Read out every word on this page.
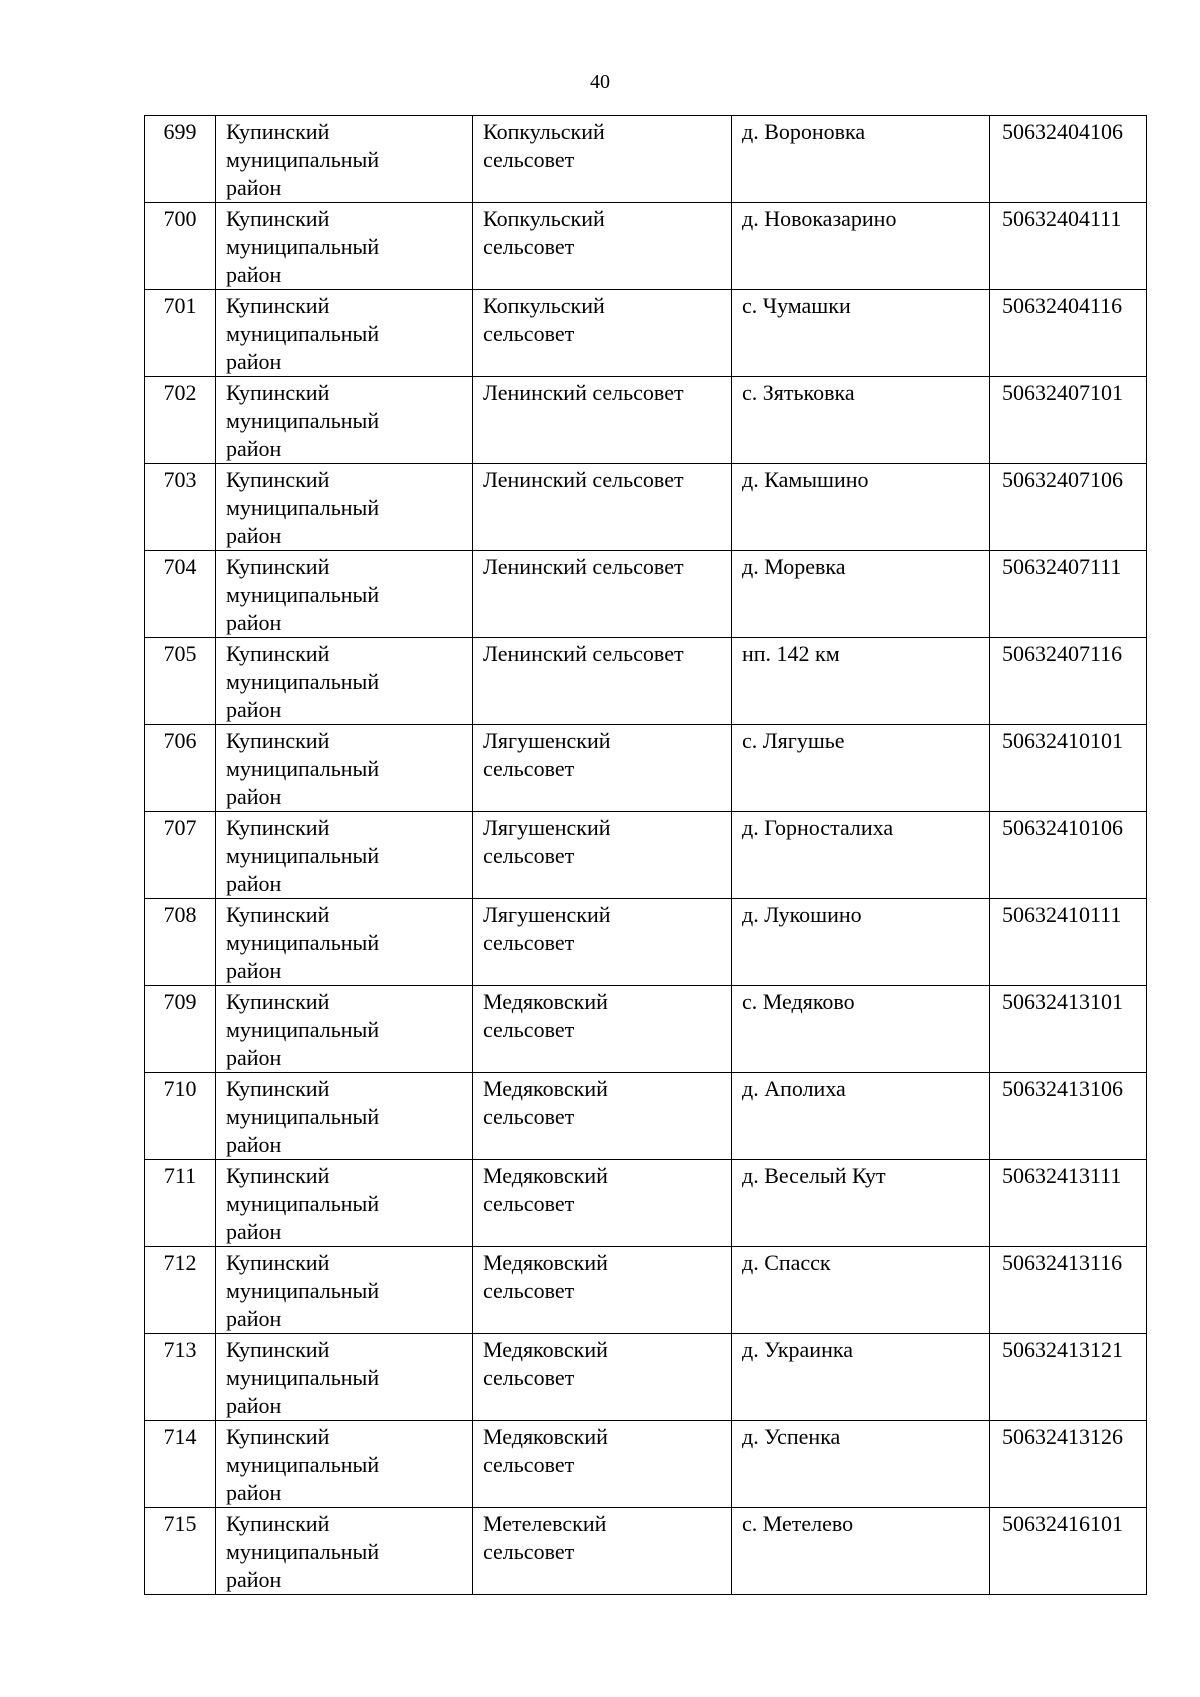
40
699	Купинский
муниципальный
район	Копкульский
сельсовет	д. Вороновка	50632404106
700	Купинский
муниципальный
район	Копкульский
сельсовет	д. Новоказарино	50632404111
701	Купинский
муниципальный
район	Копкульский
сельсовет	с. Чумашки	50632404116
702	Купинский
муниципальный
район	Ленинский сельсовет	с. Зятьковка	50632407101
703	Купинский
муниципальный
район	Ленинский сельсовет	д. Камышино	50632407106
704	Купинский
муниципальный
район	Ленинский сельсовет	д. Моревка	50632407111
705	Купинский
муниципальный
район	Ленинский сельсовет	нп. 142 км	50632407116
706	Купинский
муниципальный
район	Лягушенский
сельсовет	с. Лягушье	50632410101
707	Купинский
муниципальный
район	Лягушенский
сельсовет	д. Горносталиха	50632410106
708	Купинский
муниципальный
район	Лягушенский
сельсовет	д. Лукошино	50632410111
709	Купинский
муниципальный
район	Медяковский
сельсовет	с. Медяково	50632413101
710	Купинский
муниципальный
район	Медяковский
сельсовет	д. Аполиха	50632413106
711	Купинский
муниципальный
район	Медяковский
сельсовет	д. Веселый Кут	50632413111
712	Купинский
муниципальный
район	Медяковский
сельсовет	д. Спасск	50632413116
713	Купинский
муниципальный
район	Медяковский
сельсовет	д. Украинка	50632413121
714	Купинский
муниципальный
район	Медяковский
сельсовет	д. Успенка	50632413126
715	Купинский
муниципальный
район	Метелевский
сельсовет	с. Метелево	50632416101
